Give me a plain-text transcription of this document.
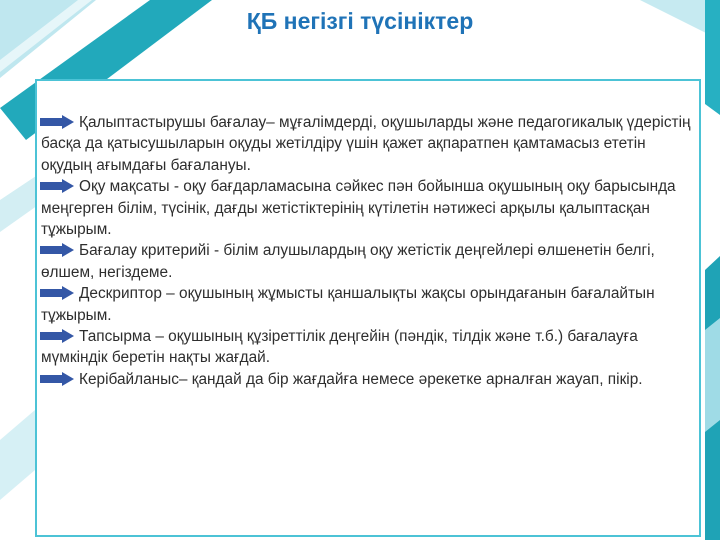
ҚБ негізгі түсініктер
Қалыптастырушы бағалау– мұғалімдерді, оқушыларды және педагогикалық үдерістің басқа да қатысушыларын оқуды жетілдіру үшін қажет ақпаратпен қамтамасыз ететін оқудың ағымдағы бағалануы.
Оқу мақсаты - оқу бағдарламасына сәйкес пән бойынша оқушының оқу барысында меңгерген білім, түсінік, дағды жетістіктерінің күтілетін нәтижесі арқылы қалыптасқан тұжырым.
Бағалау критерийі - білім алушылардың оқу жетістік деңгейлері өлшенетін белгі, өлшем, негіздеме.
Дескриптор – оқушының жұмысты қаншалықты жақсы орындағанын бағалайтын тұжырым.
Тапсырма – оқушының құзіреттілік деңгейін (пәндік, тілдік және т.б.) бағалауға мүмкіндік беретін нақты жағдай.
Керібайланыс– қандай да бір жағдайға немесе әрекетке арналған жауап, пікір.
